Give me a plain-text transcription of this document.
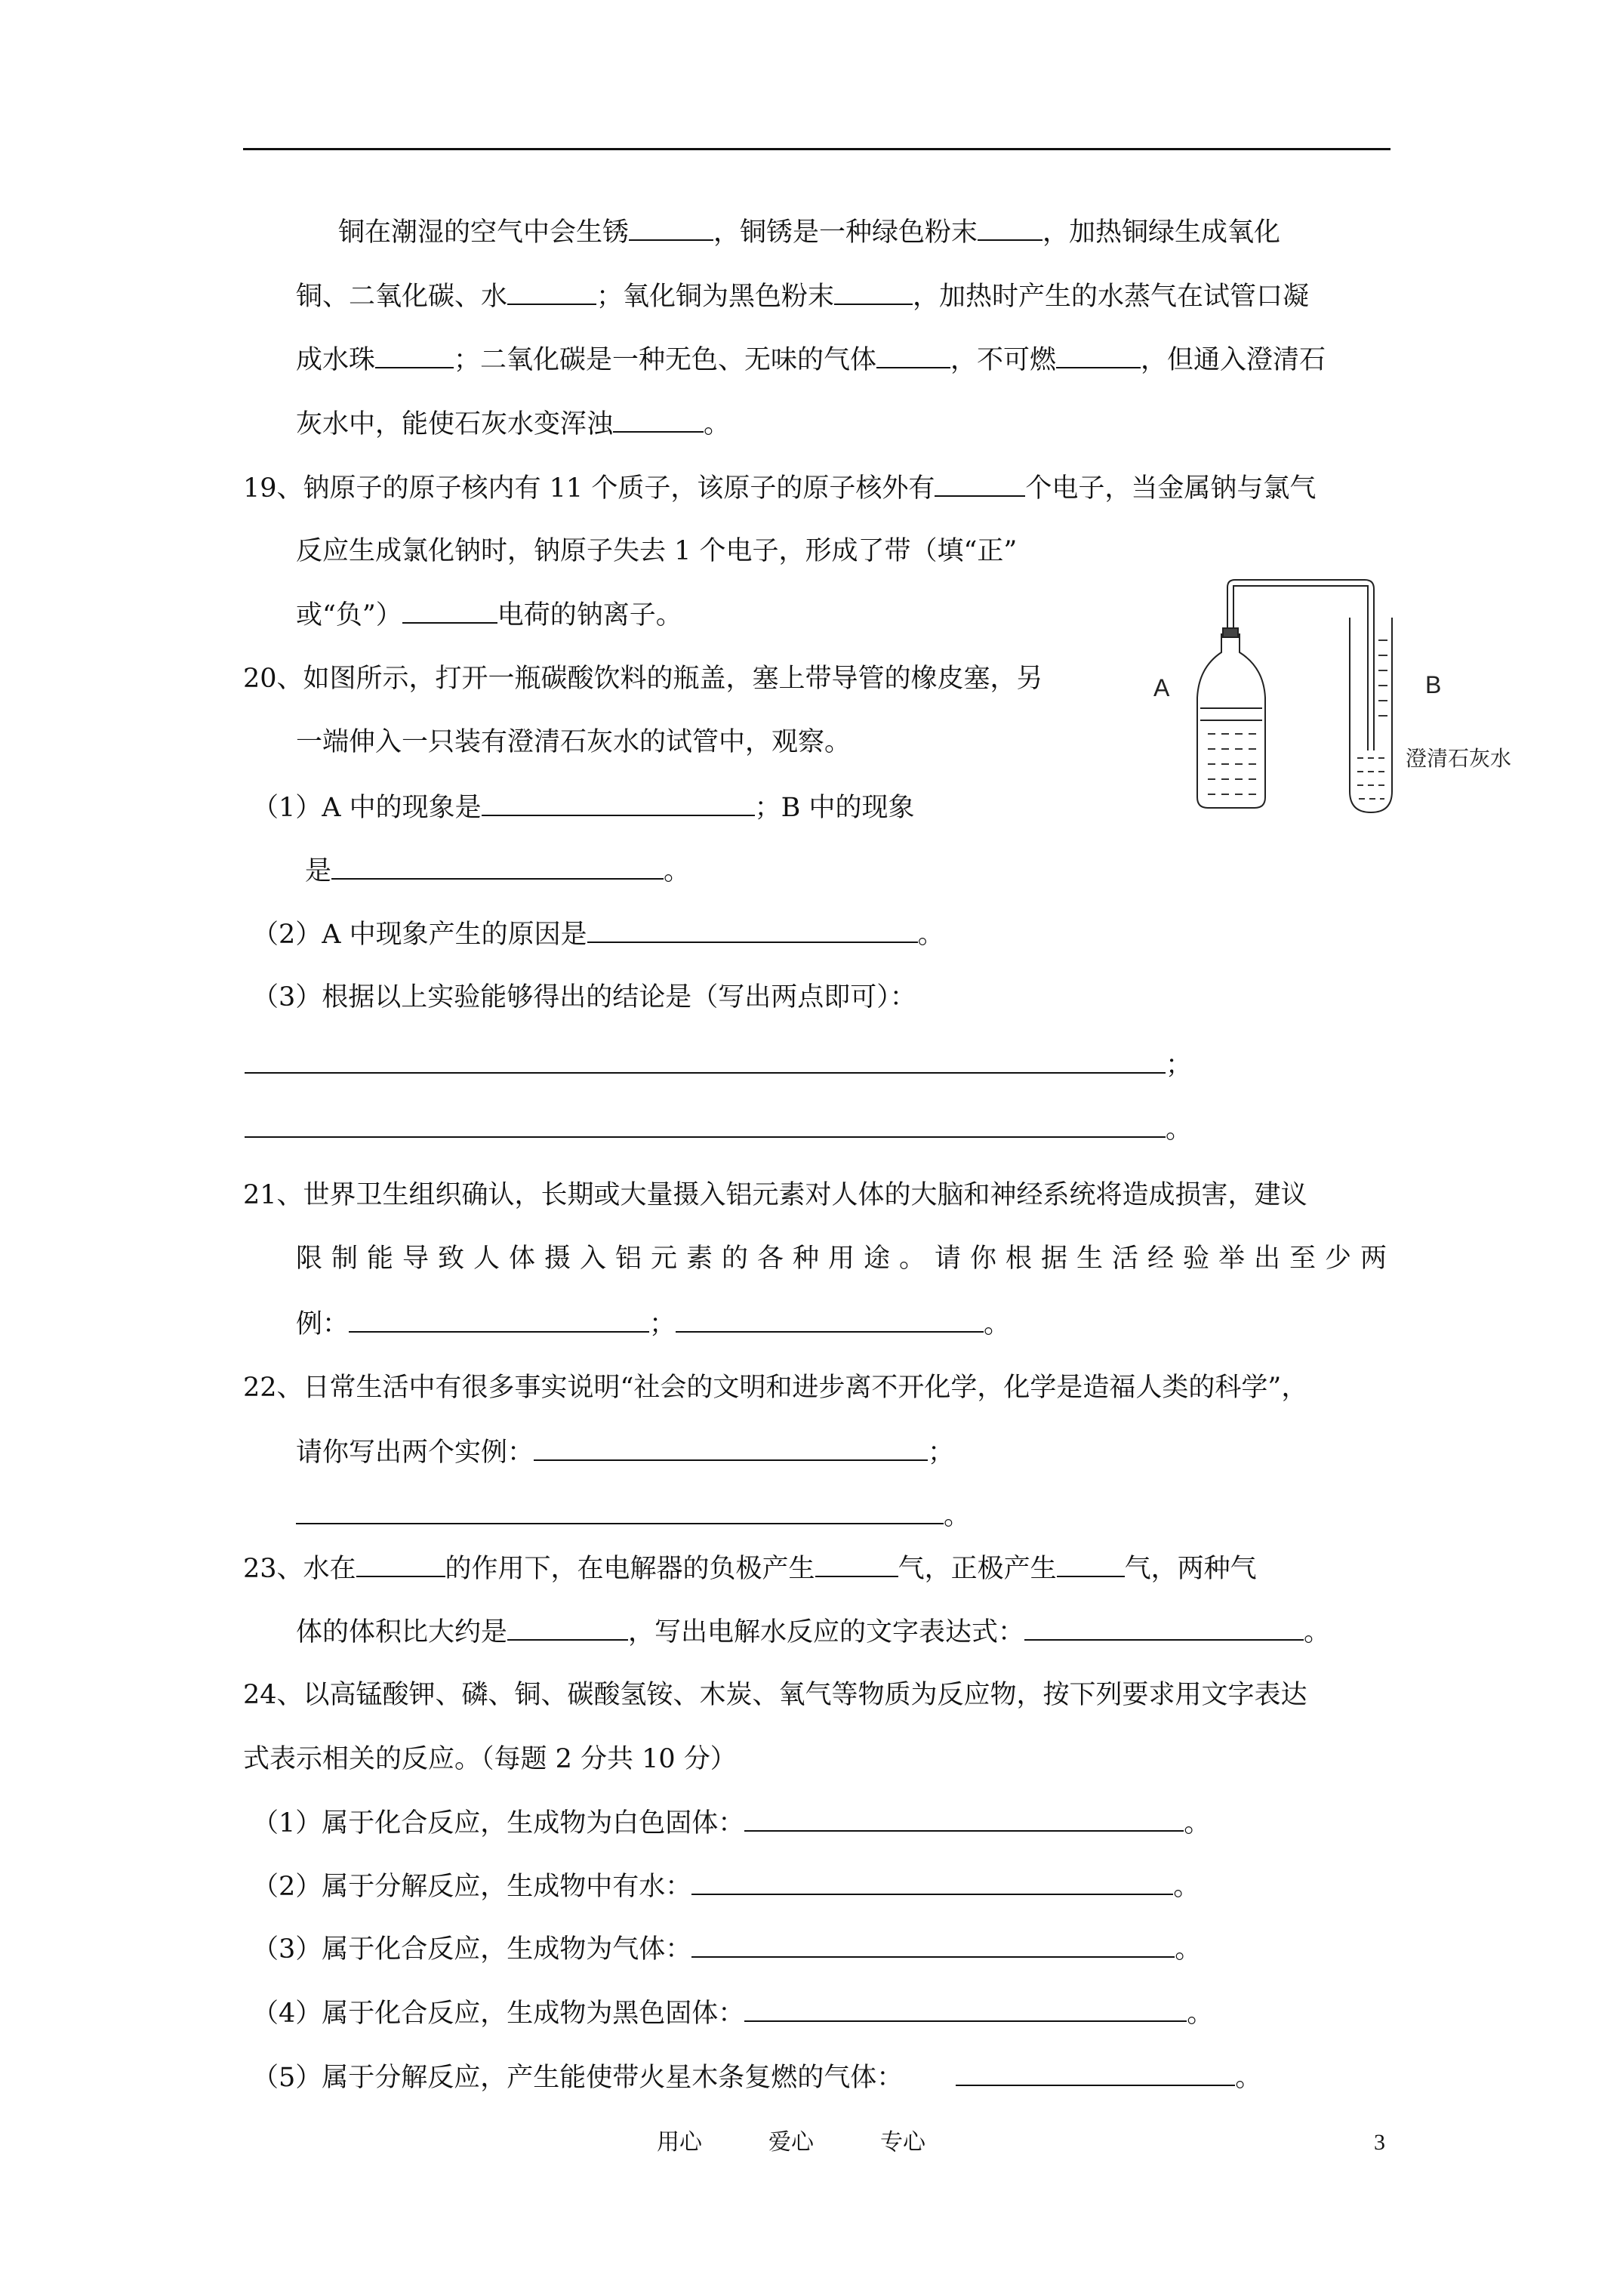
铜在潮湿的空气中会生锈	，铜锈是一种绿色粉末 ，加热铜绿生成氧化
铜、二氧化碳、水	；氧化铜为黑色粉末	，加热时产生的水蒸气在试管口凝
成水珠	；二氧化碳是一种无色、无味的气体	，不可燃	，但通入澄清石
灰水中，能使石灰水变浑浊	。
19、钠原子的原子核内有 11 个质子，该原子的原子核外有	个电子，当金属钠与氯气
反应生成氯化钠时，钠原子失去 1 个电子，形成了带（填“正”
或“负”）	电荷的钠离子。
20、如图所示，打开一瓶碳酸饮料的瓶盖，塞上带导管的橡皮塞，另
一端伸入一只装有澄清石灰水的试管中，观察。
（1）A 中的现象是	；B 中的现象
是	。
（2）A 中现象产生的原因是	。
（3）根据以上实验能够得出的结论是（写出两点即可）：
；
。
21、世界卫生组织确认，长期或大量摄入铝元素对人体的大脑和神经系统将造成损害，建议
限制能导致人体摄入铝元素的各种用途。请你根据生活经验举出至少两
例：	；	。
22、日常生活中有很多事实说明“社会的文明和进步离不开化学，化学是造福人类的科学”，
请你写出两个实例：	；
。
23、水在	的作用下，在电解器的负极产生	气，正极产生	气，两种气
体的体积比大约是	，写出电解水反应的文字表达式：	。
24、以高锰酸钾、磷、铜、碳酸氢铵、木炭、氧气等物质为反应物，按下列要求用文字表达
式表示相关的反应。（每题 2 分共 10 分）
（1）属于化合反应，生成物为白色固体：	。
（2）属于分解反应，生成物中有水：	。
（3）属于化合反应，生成物为气体：	。
（4）属于化合反应，生成物为黑色固体：	。
（5）属于分解反应，产生能使带火星木条复燃的气体：	。
A	B
澄清石灰水
用心	爱心	专心	3
